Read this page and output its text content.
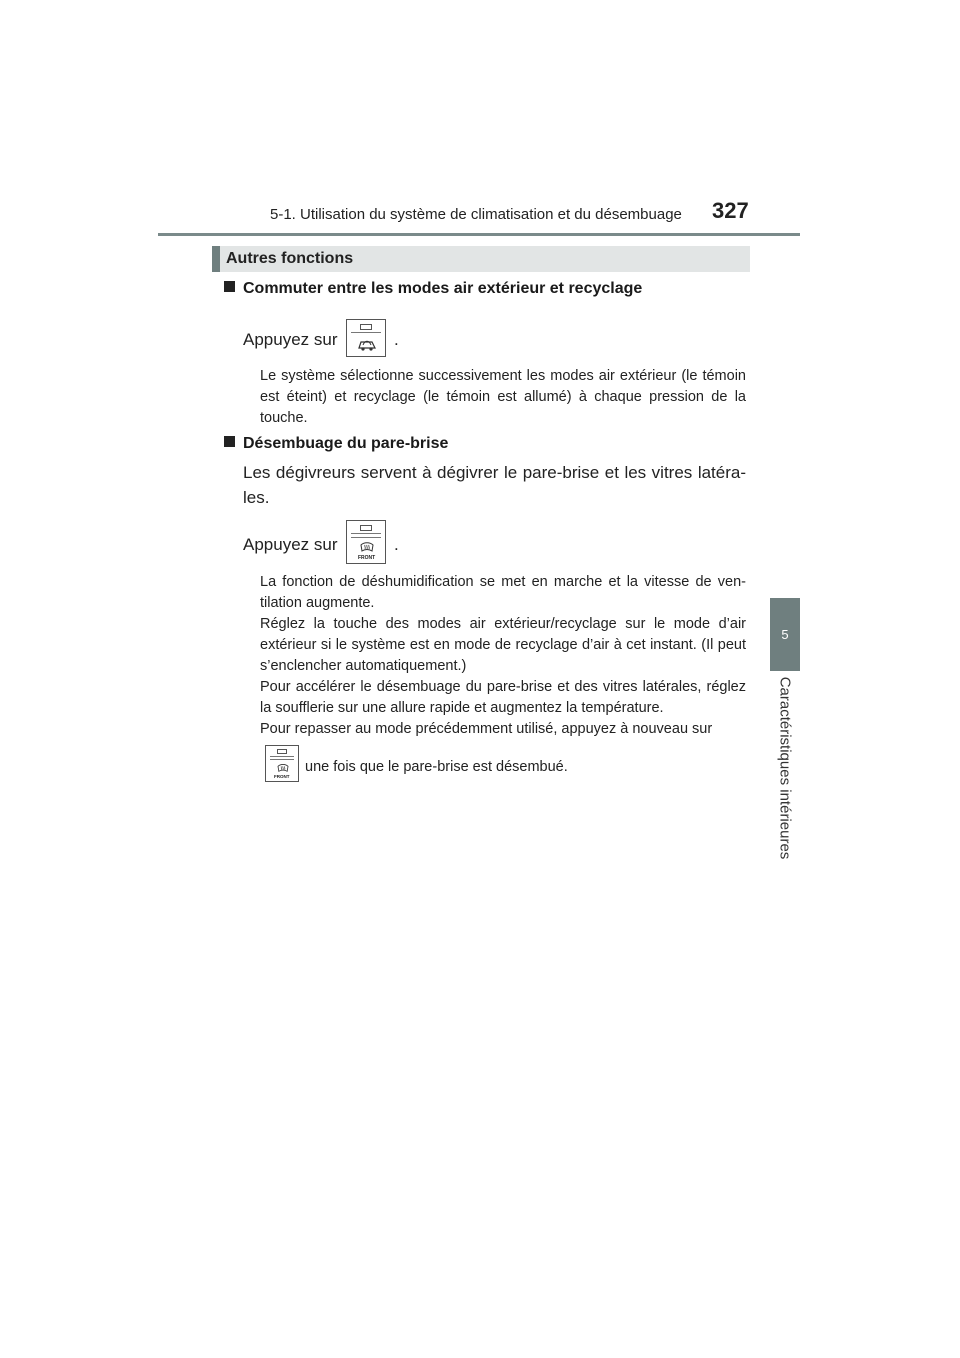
5-1. Utilisation du système de climatisation et du désembuage 327
5
Caractéristiques intérieures
Autres fonctions
Commuter entre les modes air extérieur et recyclage
Appuyez sur	.
Le système sélectionne successivement les modes air extérieur (le témoin est éteint) et recyclage (le témoin est allumé) à chaque pression de la touche.
Désembuage du pare-brise
Les dégivreurs servent à dégivrer le pare-brise et les vitres latéra-les.
Appuyez sur
FRONT
.
La fonction de déshumidification se met en marche et la vitesse de ven-tilation augmente.
Réglez la touche des modes air extérieur/recyclage sur le mode d’air extérieur si le système est en mode de recyclage d’air à cet instant. (Il peut s’enclencher automatiquement.)
Pour accélérer le désembuage du pare-brise et des vitres latérales, réglez la soufflerie sur une allure rapide et augmentez la température.
Pour repasser au mode précédemment utilisé, appuyez à nouveau sur
FRONT
une fois que le pare-brise est désembué.
